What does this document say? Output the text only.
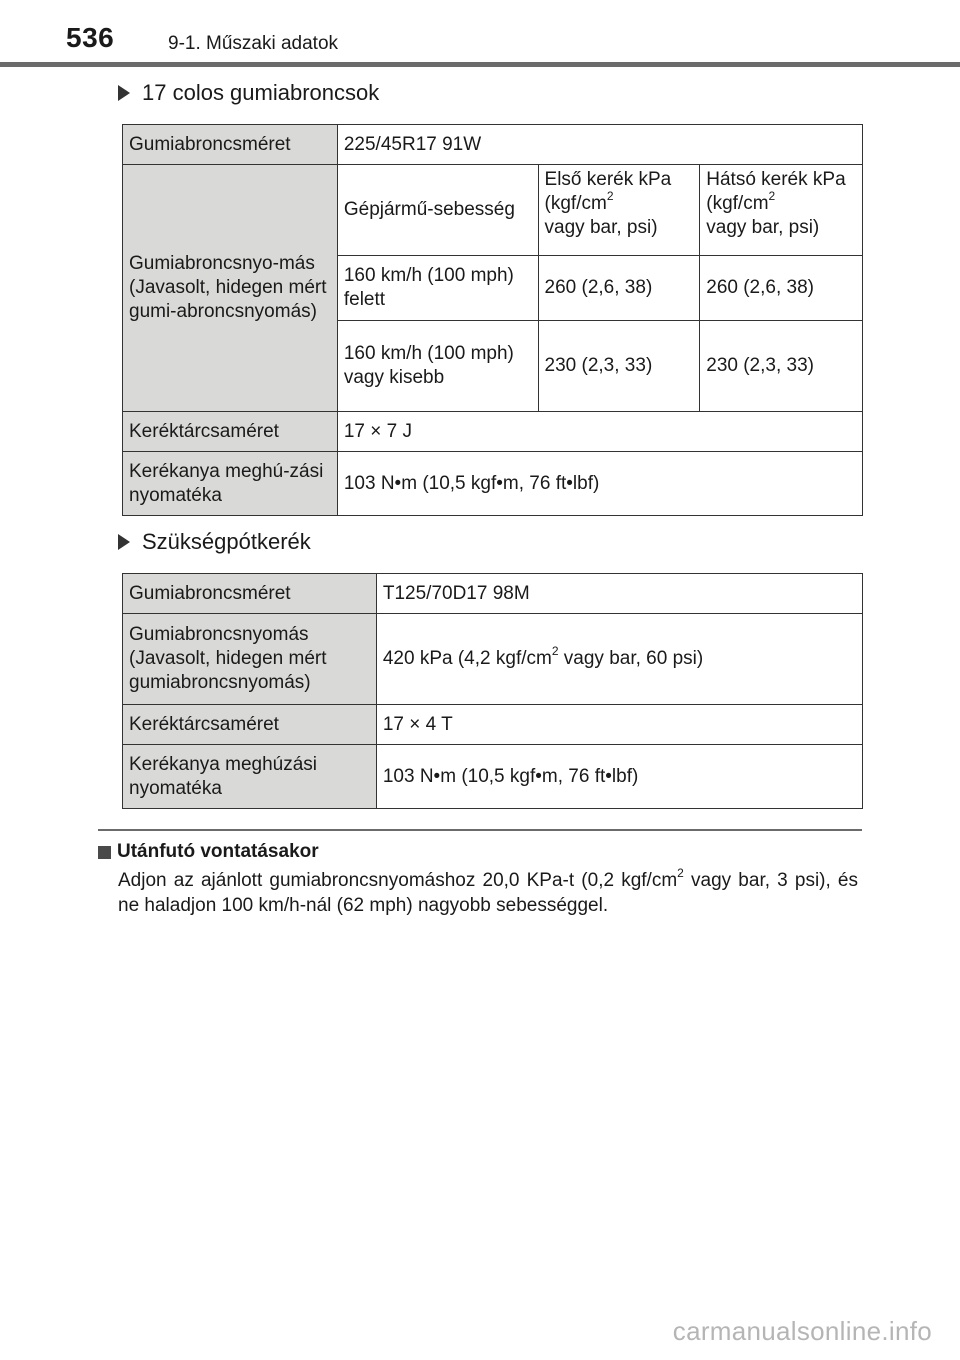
536	9-1. Műszaki adatok
17 colos gumiabroncsok
Gumiabroncsméret	225/45R17 91W		
Gumiabroncsnyo-más (Javasolt, hidegen mért gumi-abroncsnyomás)	Gépjármű-sebesség	Első kerék kPa ($kgf/cm^2$
vagy bar, psi)	Hátsó kerék kPa ($kgf/cm^2$
vagy bar, psi)
	160 km/h (100 mph) felett	260 (2,6, 38)	260 (2,6, 38)
	160 km/h (100 mph) vagy kisebb	230 (2,3, 33)	230 (2,3, 33)
Keréktárcsaméret	17 × 7 J		
Kerékanya meghú-zási nyomatéka	103 N•m (10,5 kgf•m, 76 ft•lbf)		
Szükségpótkerék
Gumiabroncsméret	T125/70D17 98M
Gumiabroncsnyomás (Javasolt, hidegen mért gumiabroncsnyomás)	420 kPa (4,2 kgf/$cm^2$ vagy bar, 60 psi)
Keréktárcsaméret	17 × 4 T
Kerékanya meghúzási nyomatéka	103 N•m (10,5 kgf•m, 76 ft•lbf)
Utánfutó vontatásakor
Adjon az ajánlott gumiabroncsnyomáshoz 20,0 KPa-t (0,2 kgf/$cm^2$ vagy bar, 3 psi), és ne haladjon 100 km/h-nál (62 mph) nagyobb sebességgel.
carmanualsonline.info
